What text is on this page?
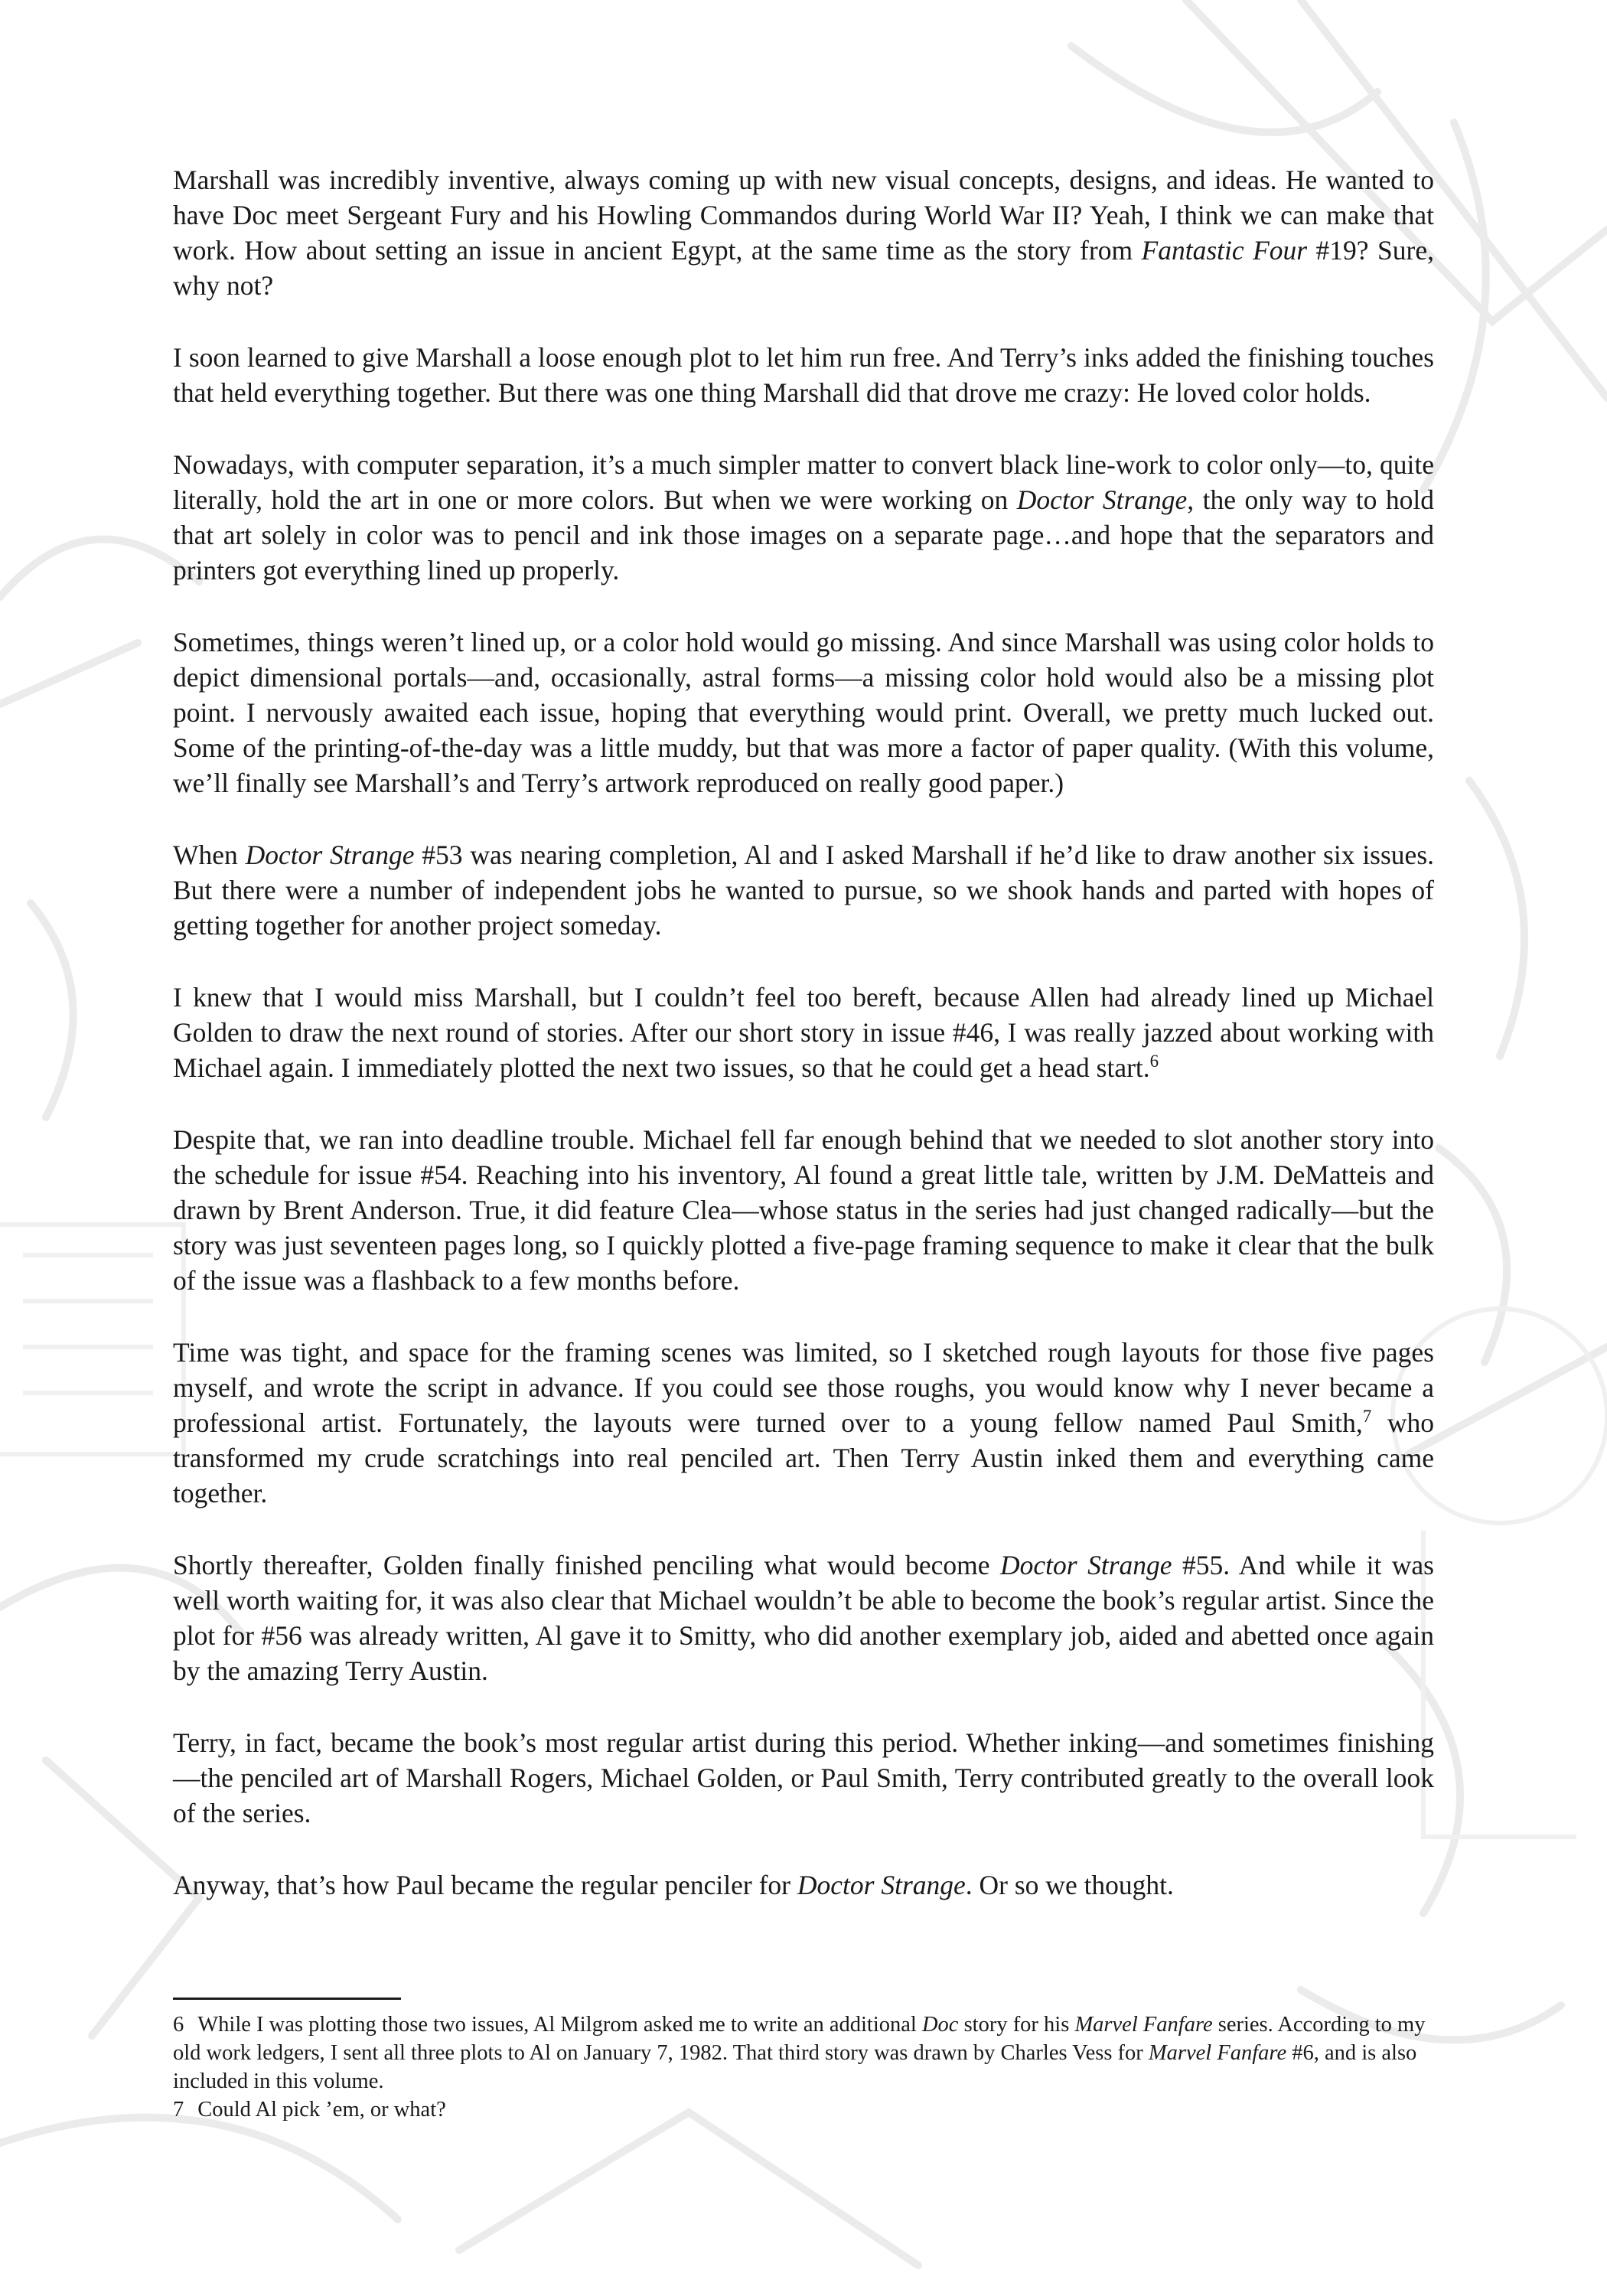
Marshall was incredibly inventive, always coming up with new visual concepts, designs, and ideas. He wanted to have Doc meet Sergeant Fury and his Howling Commandos during World War II? Yeah, I think we can make that work. How about setting an issue in ancient Egypt, at the same time as the story from Fantastic Four #19? Sure, why not?

I soon learned to give Marshall a loose enough plot to let him run free. And Terry’s inks added the finishing touches that held everything together. But there was one thing Marshall did that drove me crazy: He loved color holds.

Nowadays, with computer separation, it’s a much simpler matter to convert black line-work to color only—to, quite literally, hold the art in one or more colors. But when we were working on Doctor Strange, the only way to hold that art solely in color was to pencil and ink those images on a separate page…and hope that the separators and printers got everything lined up properly.

Sometimes, things weren’t lined up, or a color hold would go missing. And since Marshall was using color holds to depict dimensional portals—and, occasionally, astral forms—a missing color hold would also be a missing plot point. I nervously awaited each issue, hoping that everything would print. Overall, we pretty much lucked out. Some of the printing-of-the-day was a little muddy, but that was more a factor of paper quality. (With this volume, we’ll finally see Marshall’s and Terry’s artwork reproduced on really good paper.)

When Doctor Strange #53 was nearing completion, Al and I asked Marshall if he’d like to draw another six issues. But there were a number of independent jobs he wanted to pursue, so we shook hands and parted with hopes of getting together for another project someday.

I knew that I would miss Marshall, but I couldn’t feel too bereft, because Allen had already lined up Michael Golden to draw the next round of stories. After our short story in issue #46, I was really jazzed about working with Michael again. I immediately plotted the next two issues, so that he could get a head start.$^6$

Despite that, we ran into deadline trouble. Michael fell far enough behind that we needed to slot another story into the schedule for issue #54. Reaching into his inventory, Al found a great little tale, written by J.M. DeMatteis and drawn by Brent Anderson. True, it did feature Clea—whose status in the series had just changed radically—but the story was just seventeen pages long, so I quickly plotted a five-page framing sequence to make it clear that the bulk of the issue was a flashback to a few months before.

Time was tight, and space for the framing scenes was limited, so I sketched rough layouts for those five pages myself, and wrote the script in advance. If you could see those roughs, you would know why I never became a professional artist. Fortunately, the layouts were turned over to a young fellow named Paul Smith,$^7$ who transformed my crude scratchings into real penciled art. Then Terry Austin inked them and everything came together.

Shortly thereafter, Golden finally finished penciling what would become Doctor Strange #55. And while it was well worth waiting for, it was also clear that Michael wouldn’t be able to become the book’s regular artist. Since the plot for #56 was already written, Al gave it to Smitty, who did another exemplary job, aided and abetted once again by the amazing Terry Austin.

Terry, in fact, became the book’s most regular artist during this period. Whether inking—and sometimes finishing—the penciled art of Marshall Rogers, Michael Golden, or Paul Smith, Terry contributed greatly to the overall look of the series.

Anyway, that’s how Paul became the regular penciler for Doctor Strange. Or so we thought.

6 While I was plotting those two issues, Al Milgrom asked me to write an additional Doc story for his Marvel Fanfare series. According to my old work ledgers, I sent all three plots to Al on January 7, 1982. That third story was drawn by Charles Vess for Marvel Fanfare #6, and is also included in this volume.

7 Could Al pick ’em, or what?
